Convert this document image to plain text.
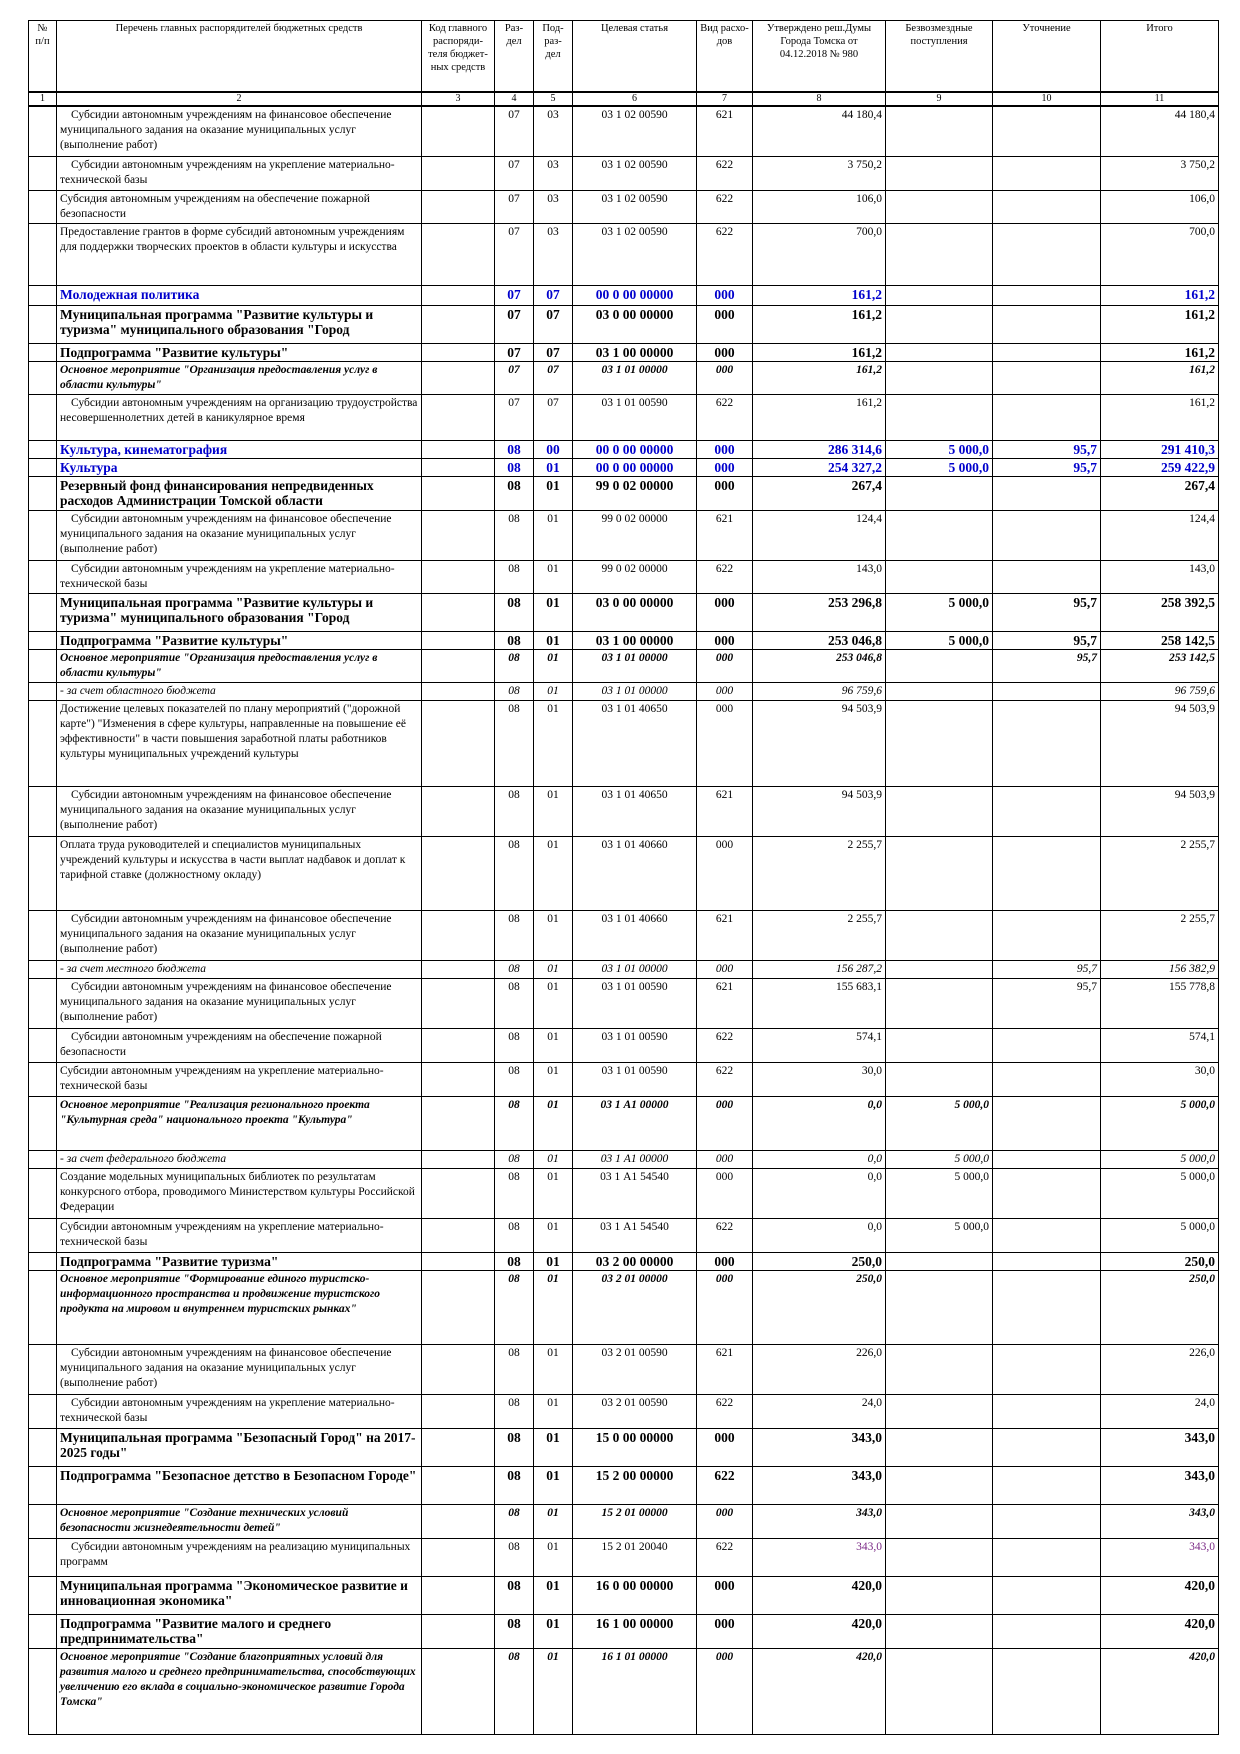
№ п/п	Перечень главных распорядителей бюджетных средств	Код главного распоряди-теля бюджет-ных средств	Раз-дел	Под-раз-дел	Целевая статья	Вид расхо-дов	Утверждено реш.Думы Города Томска от 04.12.2018 № 980	Безвозмездные поступления	Уточнение	Итого
1	2	3	4	5	6	7	8	9	10	11
	Субсидии автономным учреждениям на финансовое обеспечение муниципального задания на оказание муниципальных услуг (выполнение работ)		07	03	03 1 02 00590	621	44 180,4			44 180,4
	Субсидии автономным учреждениям на укрепление материально-технической базы		07	03	03 1 02 00590	622	3 750,2			3 750,2
	Субсидия автономным учреждениям на обеспечение пожарной безопасности		07	03	03 1 02 00590	622	106,0			106,0
	Предоставление грантов в форме субсидий автономным учреждениям для поддержки творческих проектов в области культуры и искусства		07	03	03 1 02 00590	622	700,0			700,0
	Молодежная политика		07	07	00 0 00 00000	000	161,2			161,2
	Муниципальная программа "Развитие культуры и туризма" муниципального образования "Город		07	07	03 0 00 00000	000	161,2			161,2
	Подпрограмма "Развитие культуры"		07	07	03 1 00 00000	000	161,2			161,2
	Основное мероприятие "Организация предоставления услуг в области культуры"		07	07	03 1 01 00000	000	161,2			161,2
	Субсидии автономным учреждениям на организацию трудоустройства несовершеннолетних детей в каникулярное время		07	07	03 1 01 00590	622	161,2			161,2
	Культура, кинематография		08	00	00 0 00 00000	000	286 314,6	5 000,0	95,7	291 410,3
	Культура		08	01	00 0 00 00000	000	254 327,2	5 000,0	95,7	259 422,9
	Резервный фонд финансирования непредвиденных расходов Администрации Томской области		08	01	99 0 02 00000	000	267,4			267,4
	Субсидии автономным учреждениям на финансовое обеспечение муниципального задания на оказание муниципальных услуг (выполнение работ)		08	01	99 0 02 00000	621	124,4			124,4
	Субсидии автономным учреждениям на укрепление материально-технической базы		08	01	99 0 02 00000	622	143,0			143,0
	Муниципальная программа "Развитие культуры и туризма" муниципального образования "Город		08	01	03 0 00 00000	000	253 296,8	5 000,0	95,7	258 392,5
	Подпрограмма "Развитие культуры"		08	01	03 1 00 00000	000	253 046,8	5 000,0	95,7	258 142,5
	Основное мероприятие "Организация предоставления услуг в области культуры"		08	01	03 1 01 00000	000	253 046,8		95,7	253 142,5
	- за счет областного бюджета		08	01	03 1 01 00000	000	96 759,6			96 759,6
	Достижение целевых показателей по плану мероприятий ("дорожной карте") "Изменения в сфере культуры, направленные на повышение её эффективности" в части повышения заработной платы работников культуры муниципальных учреждений культуры		08	01	03 1 01 40650	000	94 503,9			94 503,9
	Субсидии автономным учреждениям на финансовое обеспечение муниципального задания на оказание муниципальных услуг (выполнение работ)		08	01	03 1 01 40650	621	94 503,9			94 503,9
	Оплата труда руководителей и специалистов муниципальных учреждений культуры и искусства в части выплат надбавок и доплат к тарифной ставке (должностному окладу)		08	01	03 1 01 40660	000	2 255,7			2 255,7
	Субсидии автономным учреждениям на финансовое обеспечение муниципального задания на оказание муниципальных услуг (выполнение работ)		08	01	03 1 01 40660	621	2 255,7			2 255,7
	- за счет местного бюджета		08	01	03 1 01 00000	000	156 287,2		95,7	156 382,9
	Субсидии автономным учреждениям на финансовое обеспечение муниципального задания на оказание муниципальных услуг (выполнение работ)		08	01	03 1 01 00590	621	155 683,1		95,7	155 778,8
	Субсидии автономным учреждениям на обеспечение пожарной безопасности		08	01	03 1 01 00590	622	574,1			574,1
	Субсидии автономным учреждениям на укрепление материально-технической базы		08	01	03 1 01 00590	622	30,0			30,0
	Основное мероприятие "Реализация регионального проекта "Культурная среда" национального проекта "Культура"		08	01	03 1 А1 00000	000	0,0	5 000,0		5 000,0
	- за счет федерального бюджета		08	01	03 1 А1 00000	000	0,0	5 000,0		5 000,0
	Создание модельных муниципальных библиотек по результатам конкурсного отбора, проводимого Министерством культуры Российской Федерации		08	01	03 1 А1 54540	000	0,0	5 000,0		5 000,0
	Субсидии автономным учреждениям на укрепление материально-технической базы		08	01	03 1 А1 54540	622	0,0	5 000,0		5 000,0
	Подпрограмма "Развитие туризма"		08	01	03 2 00 00000	000	250,0			250,0
	Основное мероприятие "Формирование единого туристско-информационного пространства и продвижение туристского продукта на мировом и внутреннем туристских рынках"		08	01	03 2 01 00000	000	250,0			250,0
	Субсидии автономным учреждениям на финансовое обеспечение муниципального задания на оказание муниципальных услуг (выполнение работ)		08	01	03 2 01 00590	621	226,0			226,0
	Субсидии автономным учреждениям на укрепление материально-технической базы		08	01	03 2 01 00590	622	24,0			24,0
	Муниципальная программа "Безопасный Город" на 2017- 2025 годы"		08	01	15 0 00 00000	000	343,0			343,0
	Подпрограмма "Безопасное детство в Безопасном Городе"		08	01	15 2 00 00000	622	343,0			343,0
	Основное мероприятие "Создание технических условий безопасности жизнедеятельности детей"		08	01	15 2 01 00000	000	343,0			343,0
	Субсидии автономным учреждениям на реализацию муниципальных программ		08	01	15 2 01 20040	622	343,0			343,0
	Муниципальная программа "Экономическое развитие и инновационная экономика"		08	01	16 0 00 00000	000	420,0			420,0
	Подпрограмма "Развитие малого и среднего предпринимательства"		08	01	16 1 00 00000	000	420,0			420,0
	Основное мероприятие "Создание благоприятных условий для развития малого и среднего предпринимательства, способствующих увеличению его вклада в социально-экономическое развитие Города Томска"		08	01	16 1 01 00000	000	420,0			420,0
